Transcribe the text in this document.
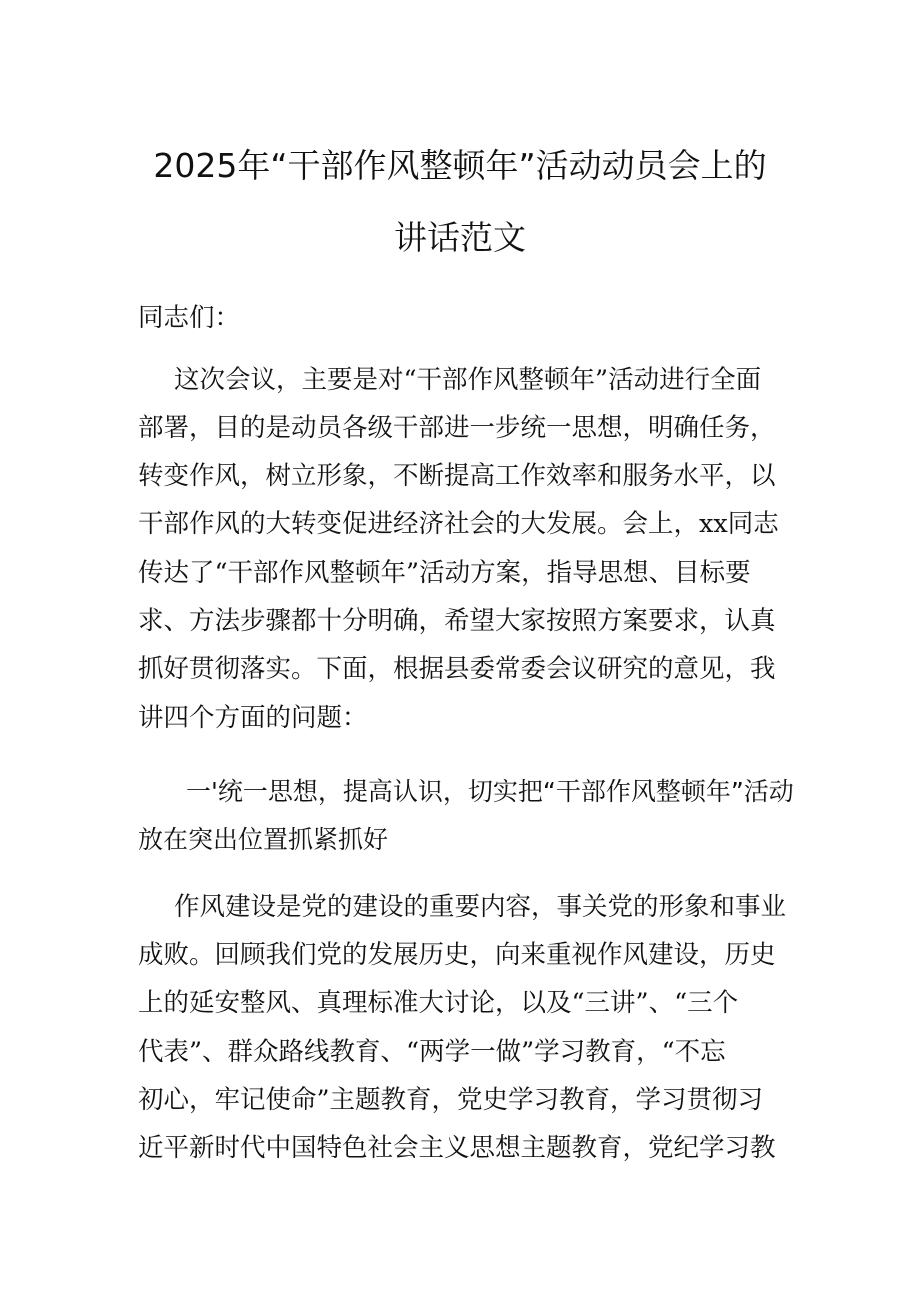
2025年“干部作风整顿年”活动动员会上的
讲话范文
同志们：
这次会议，主要是对“干部作风整顿年”活动进行全面
部署，目的是动员各级干部进一步统一思想，明确任务，
转变作风，树立形象，不断提高工作效率和服务水平，以
干部作风的大转变促进经济社会的大发展。会上，xx同志
传达了“干部作风整顿年”活动方案，指导思想、目标要
求、方法步骤都十分明确，希望大家按照方案要求，认真
抓好贯彻落实。下面，根据县委常委会议研究的意见，我
讲四个方面的问题：
一'统一思想，提高认识，切实把“干部作风整顿年”活动
放在突出位置抓紧抓好
作风建设是党的建设的重要内容，事关党的形象和事业
成败。回顾我们党的发展历史，向来重视作风建设，历史
上的延安整风、真理标准大讨论，以及“三讲”、“三个
代表”、群众路线教育、“两学一做”学习教育，“不忘
初心，牢记使命”主题教育，党史学习教育，学习贯彻习
近平新时代中国特色社会主义思想主题教育，党纪学习教
